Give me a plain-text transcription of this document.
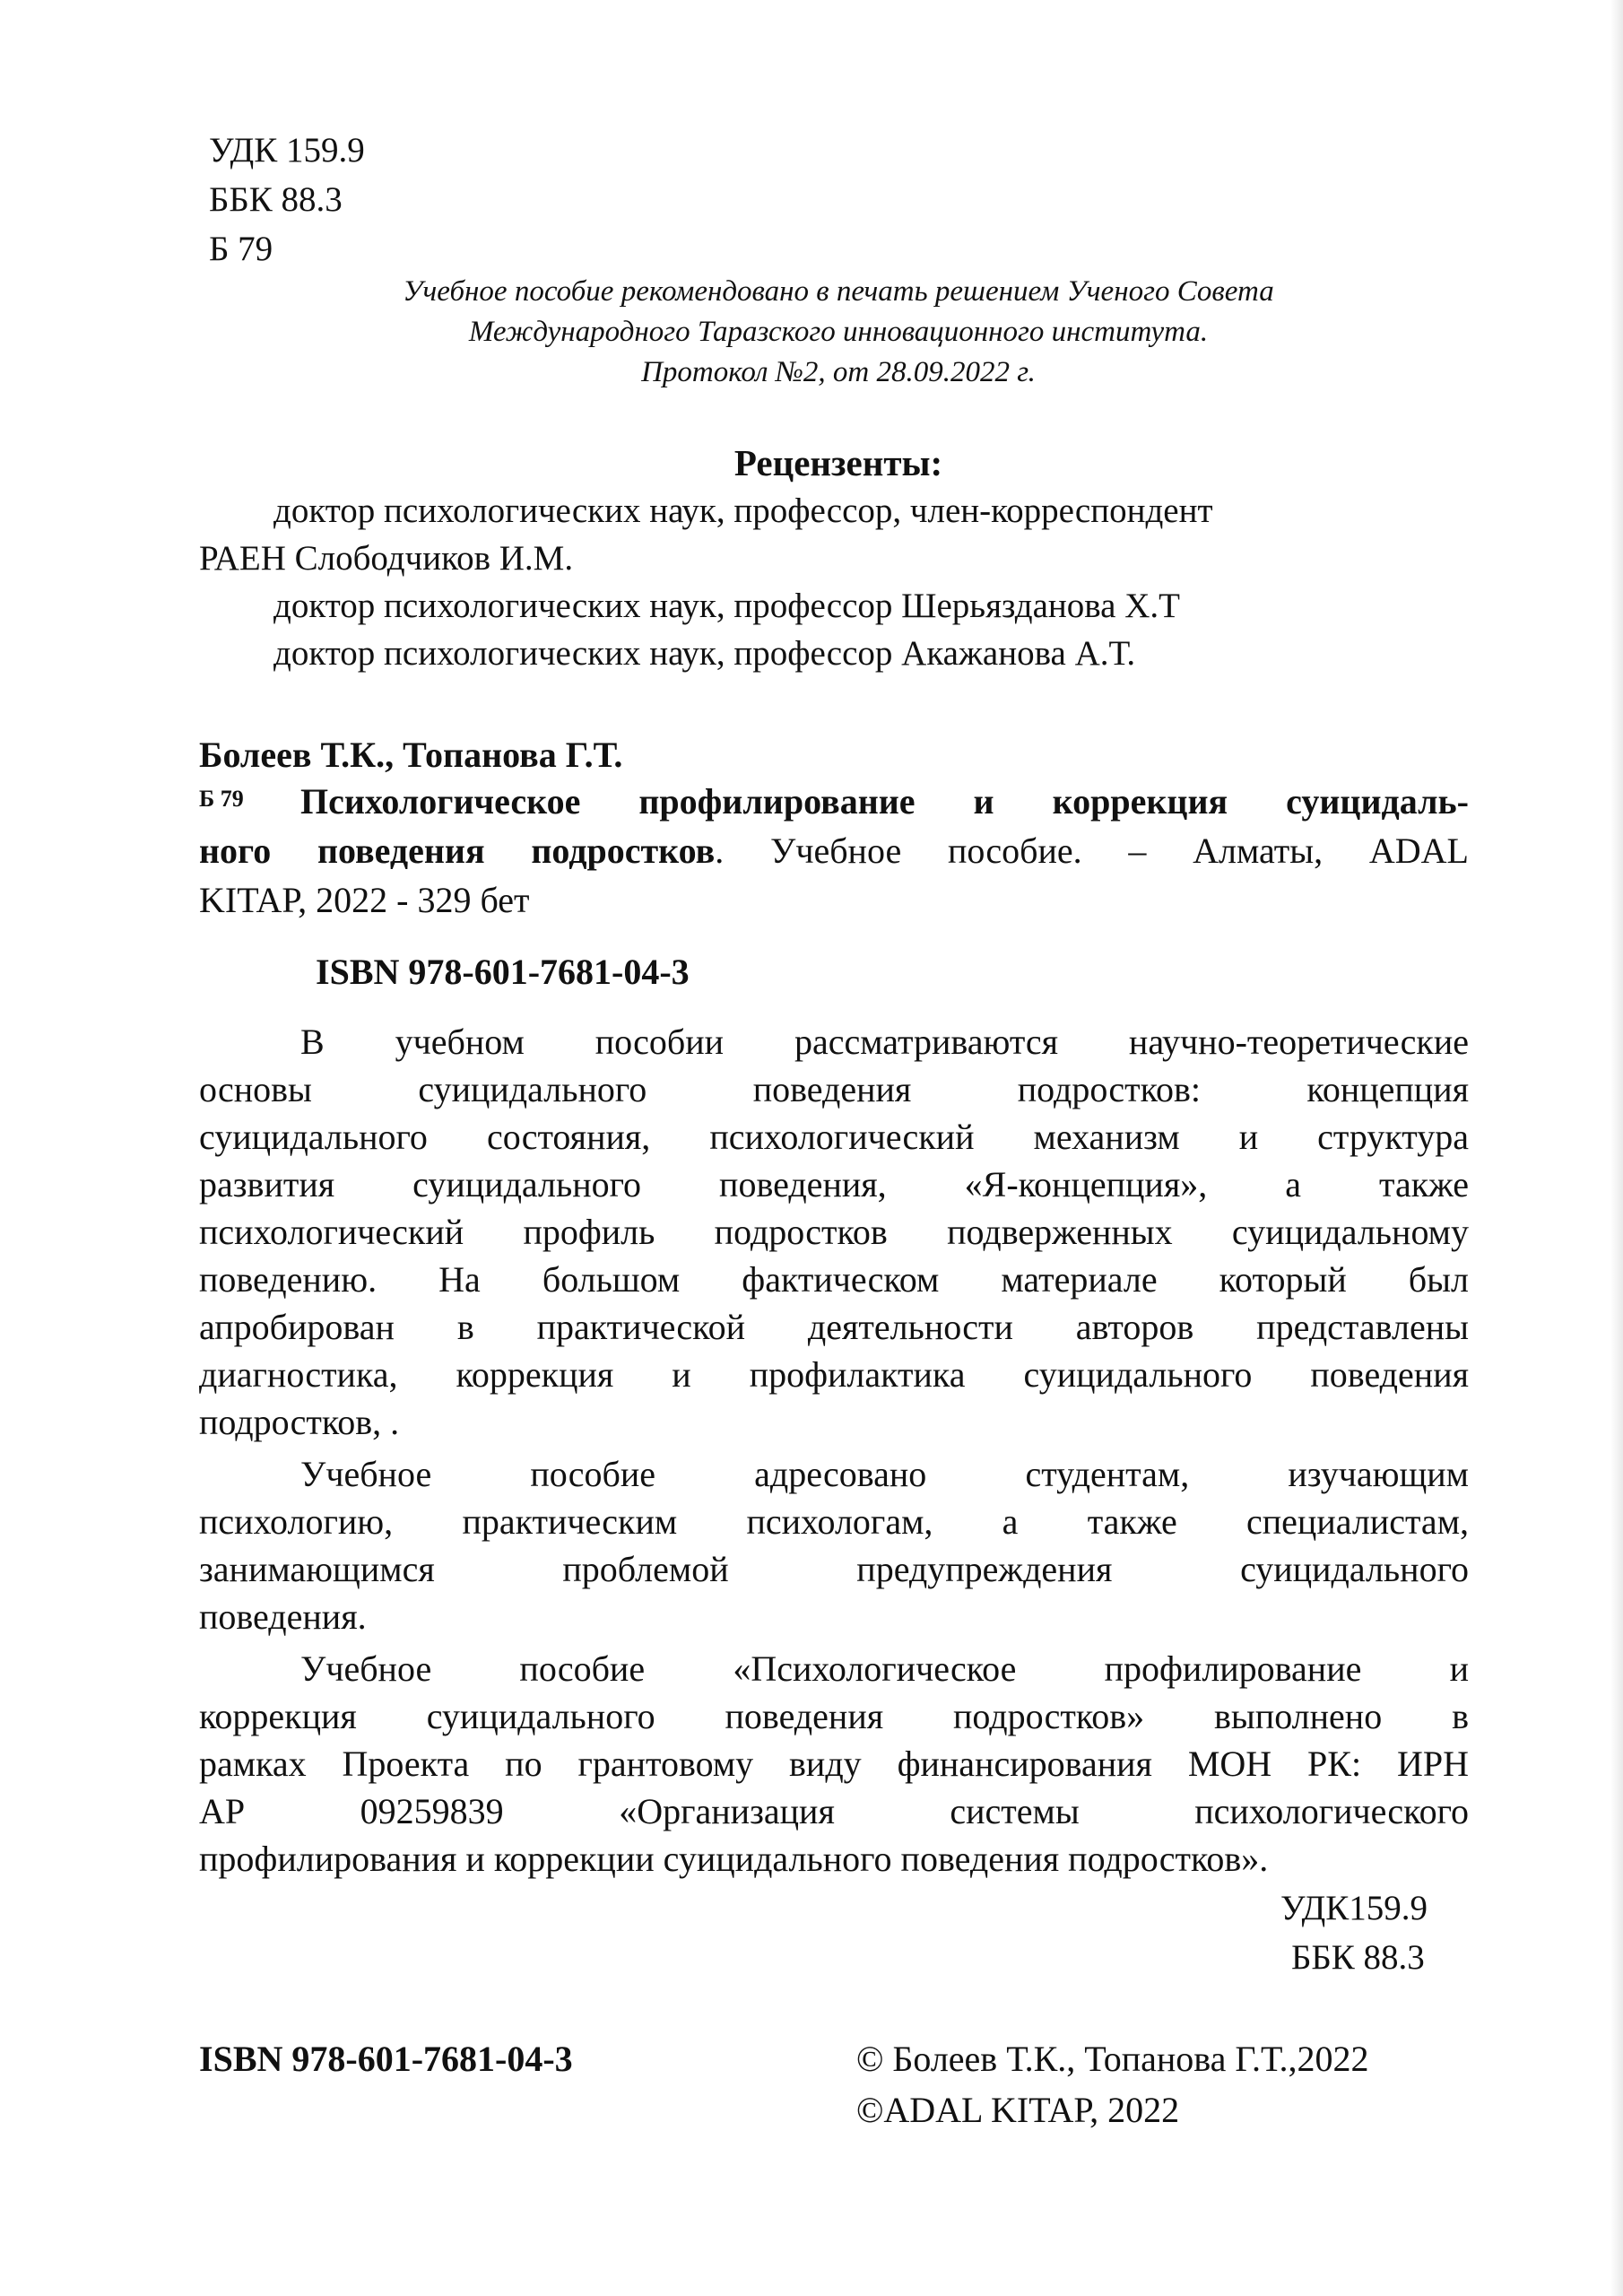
УДК 159.9
ББК 88.3
Б 79
Учебное пособие рекомендовано в печать решением Ученого Совета
Международного Таразского инновационного института.
Протокол №2, от 28.09.2022 г.
Рецензенты:
доктор психологических наук, профессор, член-корреспондент
РАЕН Слободчиков И.М.
доктор психологических наук, профессор Шерьязданова Х.Т
доктор психологических наук, профессор Акажанова А.Т.
Болеев Т.К., Топанова Г.Т.
Б 79 Психологическое профилирование и коррекция суицидаль-
ного поведения подростков. Учебное пособие. – Алматы, ADAL
KITAP, 2022 - 329 бет
ISBN 978-601-7681-04-3
В учебном пособии рассматриваются научно-теоретические
основы суицидального поведения подростков: концепция
суицидального состояния, психологический механизм и структура
развития суицидального поведения, «Я-концепция», а также
психологический профиль подростков подверженных суицидальному
поведению. На большом фактическом материале который был
апробирован в практической деятельности авторов представлены
диагностика, коррекция и профилактика суицидального поведения
подростков, .
Учебное пособие адресовано студентам, изучающим
психологию, практическим психологам, а также специалистам,
занимающимся проблемой предупреждения суицидального
поведения.
Учебное пособие «Психологическое профилирование и
коррекция суицидального поведения подростков» выполнено в
рамках Проекта по грантовому виду финансирования МОН РК: ИРН
АР 09259839 «Организация системы психологического
профилирования и коррекции суицидального поведения подростков».
УДК159.9
ББК 88.3
ISBN 978-601-7681-04-3	© Болеев Т.К., Топанова Г.Т.,2022
©ADAL KITAP, 2022
